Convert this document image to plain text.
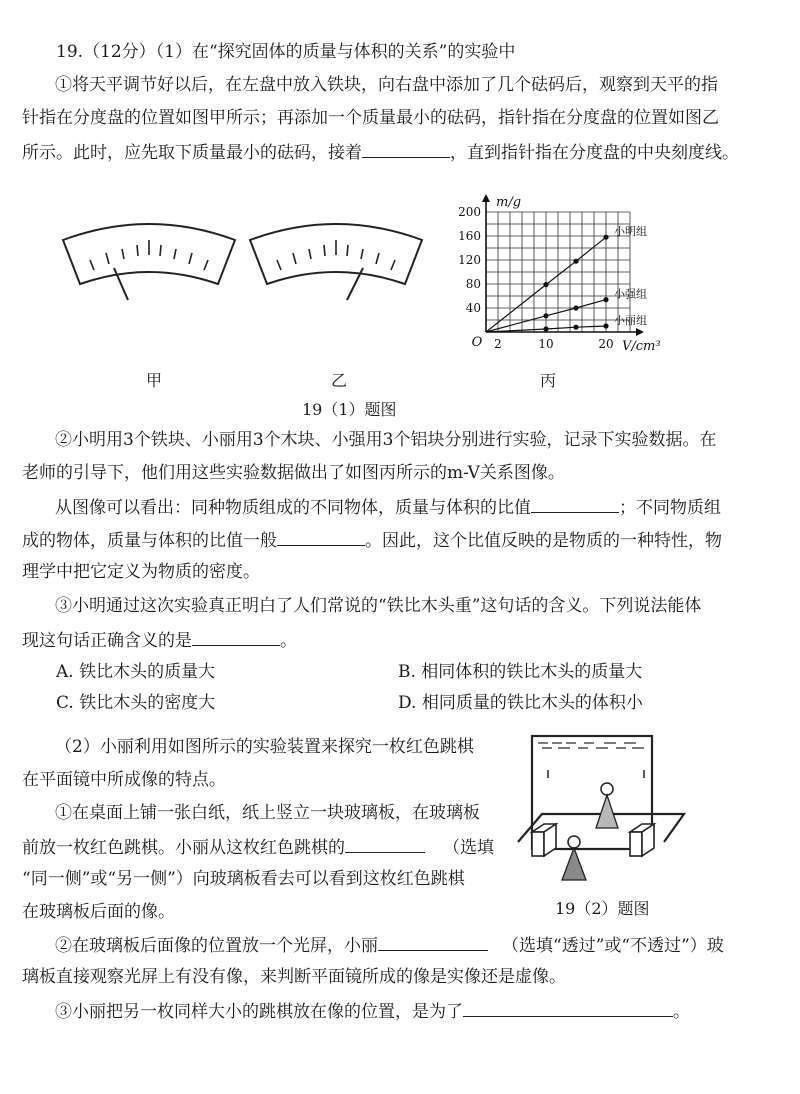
19.（12分）（1）在“探究固体的质量与体积的关系”的实验中
①将天平调节好以后，在左盘中放入铁块，向右盘中添加了几个砝码后，观察到天平的指
针指在分度盘的位置如图甲所示；再添加一个质量最小的砝码，指针指在分度盘的位置如图乙
所示。此时，应先取下质量最小的砝码，接着	，直到指针指在分度盘的中央刻度线。
40
80
120
160
200
2	10	20
O
m/g
V/cm³
小明组
小强组
小丽组
甲	乙	丙
19（1）题图
②小明用3个铁块、小丽用3个木块、小强用3个铝块分别进行实验，记录下实验数据。在
老师的引导下，他们用这些实验数据做出了如图丙所示的m-V关系图像。
从图像可以看出：同种物质组成的不同物体，质量与体积的比值	；不同物质组
成的物体，质量与体积的比值一般	。因此，这个比值反映的是物质的一种特性，物
理学中把它定义为物质的密度。
③小明通过这次实验真正明白了人们常说的“铁比木头重”这句话的含义。下列说法能体
现这句话正确含义的是	。
A. 铁比木头的质量大	B. 相同体积的铁比木头的质量大
C. 铁比木头的密度大	D. 相同质量的铁比木头的体积小
（2）小丽利用如图所示的实验装置来探究一枚红色跳棋
在平面镜中所成像的特点。
①在桌面上铺一张白纸，纸上竖立一块玻璃板，在玻璃板
前放一枚红色跳棋。小丽从这枚红色跳棋的	（选填
“同一侧”或“另一侧”）向玻璃板看去可以看到这枚红色跳棋
在玻璃板后面的像。	19（2）题图
②在玻璃板后面像的位置放一个光屏，小丽	（选填“透过”或“不透过”）玻
璃板直接观察光屏上有没有像，来判断平面镜所成的像是实像还是虚像。
③小丽把另一枚同样大小的跳棋放在像的位置，是为了	。
